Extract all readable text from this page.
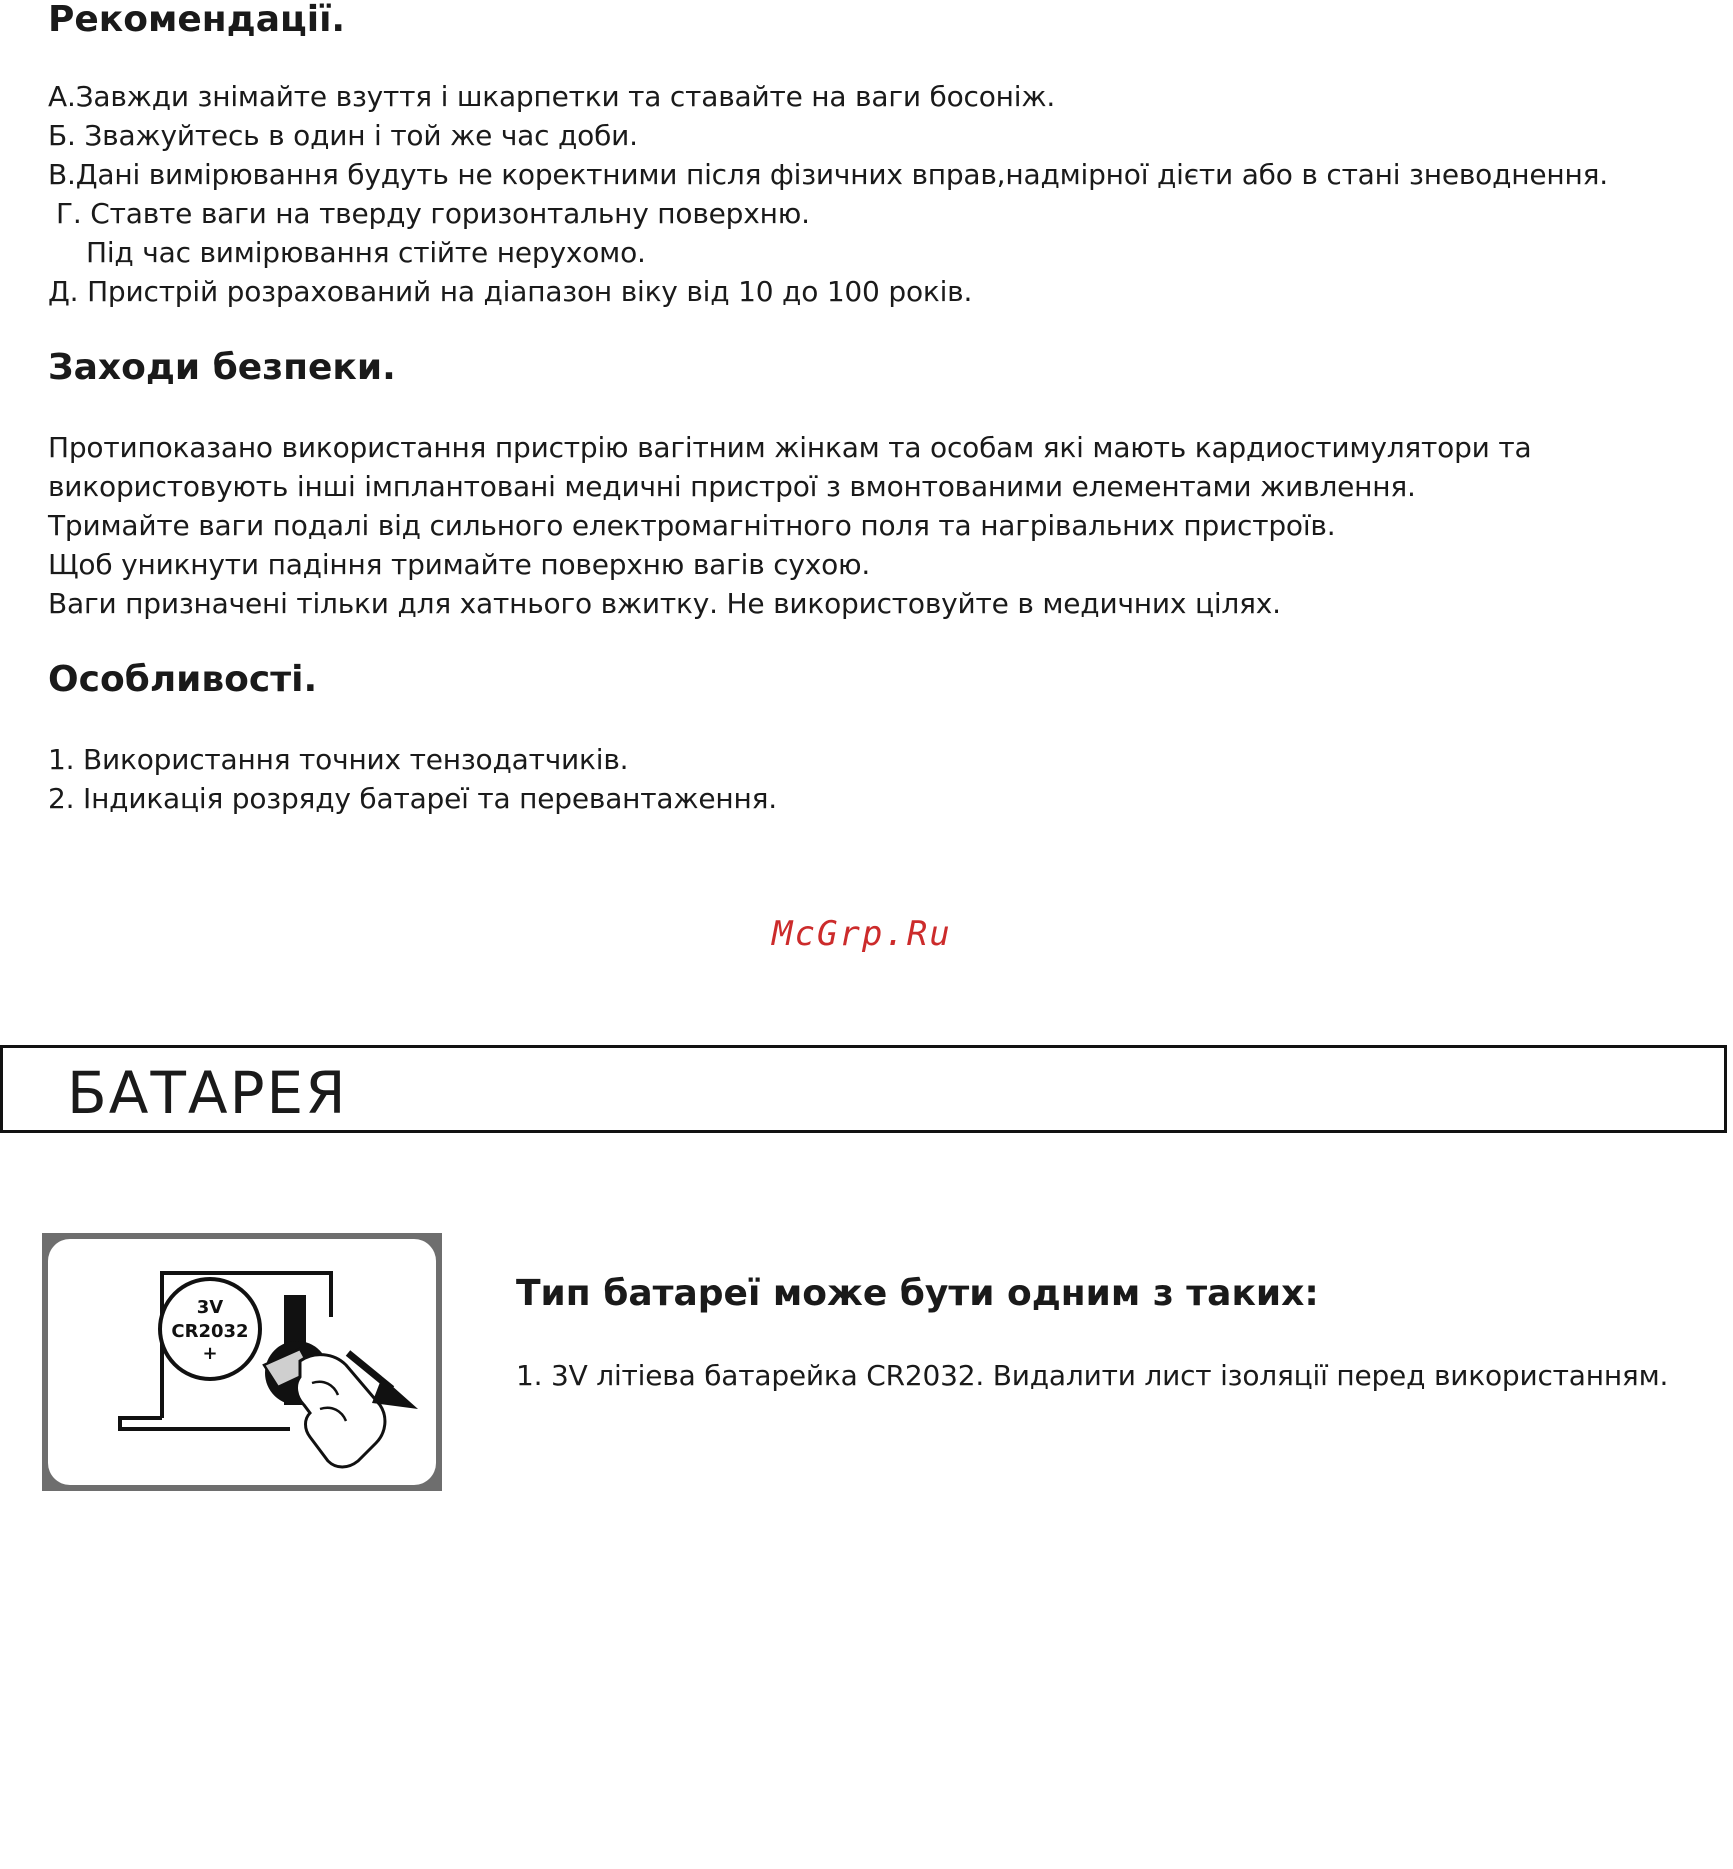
Рекомендації.
А.Завжди знімайте взуття і шкарпетки та ставайте на ваги босоніж.
Б. Зважуйтесь в один і той же час доби.
В.Дані вимірювання будуть не коректними після фізичних вправ,надмірної дієти або в стані зневоднення.
Г. Ставте ваги на тверду горизонтальну поверхню.
Під час вимірювання стійте нерухомо.
Д. Пристрій розрахований на діапазон віку від 10 до 100 років.
Заходи безпеки.
Протипоказано використання пристрію вагітним жінкам та особам які мають кардиостимулятори та
використовують інші імплантовані медичні пристрої з вмонтованими елементами живлення.
Тримайте ваги подалі від сильного електромагнітного поля та нагрівальних пристроїв.
Щоб уникнути падіння тримайте поверхню вагів сухою.
Ваги призначені тільки для хатнього вжитку. Не використовуйте в медичних цілях.
Особливості.
1. Використання точних тензодатчиків.
2. Індикація розряду батареї та перевантаження.
McGrp.Ru
БАТАРЕЯ
3V
CR2032
+
Тип батареї може бути одним з таких:
1. 3V літіева батарейка CR2032. Видалити лист ізоляції перед використанням.
